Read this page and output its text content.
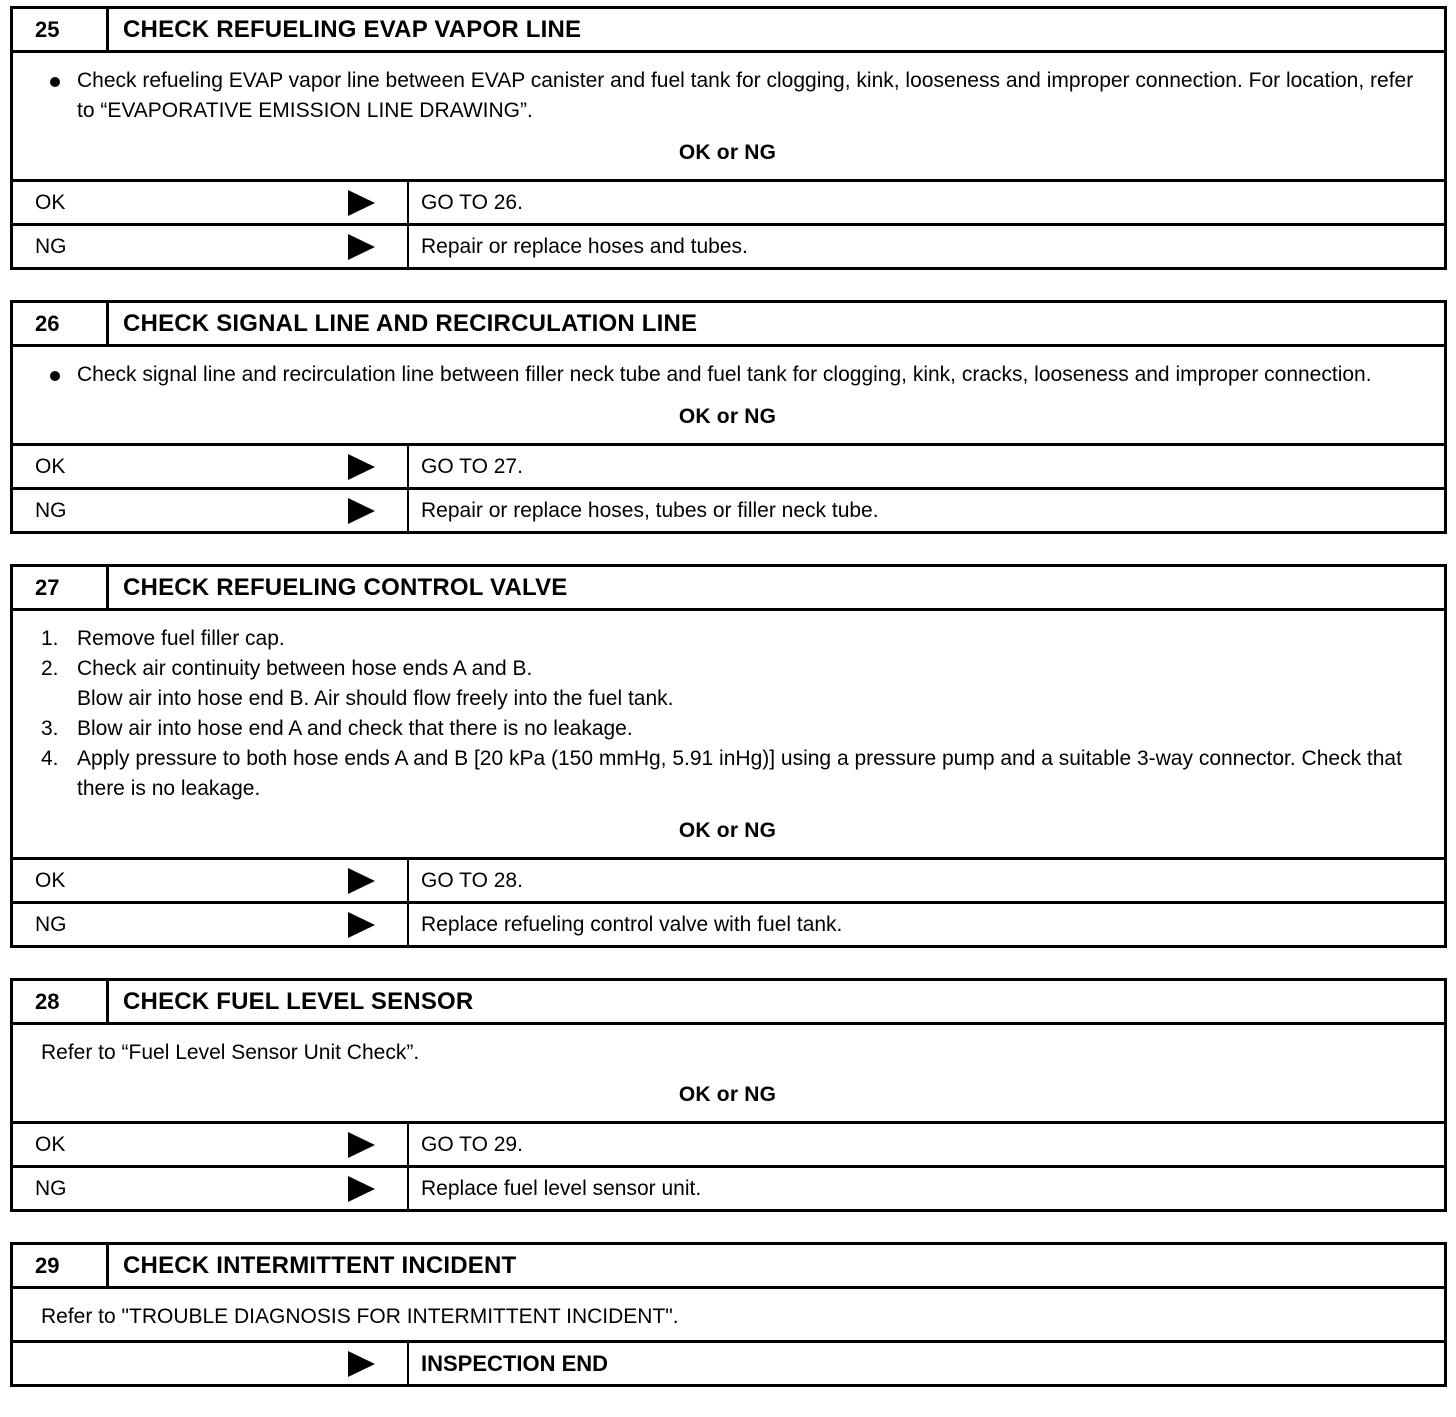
25	CHECK REFUELING EVAP VAPOR LINE
Check refueling EVAP vapor line between EVAP canister and fuel tank for clogging, kink, looseness and improper connection. For location, refer to “EVAPORATIVE EMISSION LINE DRAWING”.
OK or NG
OK	GO TO 26.
NG	Repair or replace hoses and tubes.
26	CHECK SIGNAL LINE AND RECIRCULATION LINE
Check signal line and recirculation line between filler neck tube and fuel tank for clogging, kink, cracks, looseness and improper connection.
OK or NG
OK	GO TO 27.
NG	Repair or replace hoses, tubes or filler neck tube.
27	CHECK REFUELING CONTROL VALVE
1. Remove fuel filler cap.
2. Check air continuity between hose ends A and B.
Blow air into hose end B. Air should flow freely into the fuel tank.
3. Blow air into hose end A and check that there is no leakage.
4. Apply pressure to both hose ends A and B [20 kPa (150 mmHg, 5.91 inHg)] using a pressure pump and a suitable 3-way connector. Check that there is no leakage.
OK or NG
OK	GO TO 28.
NG	Replace refueling control valve with fuel tank.
28	CHECK FUEL LEVEL SENSOR
Refer to “Fuel Level Sensor Unit Check”.
OK or NG
OK	GO TO 29.
NG	Replace fuel level sensor unit.
29	CHECK INTERMITTENT INCIDENT
Refer to "TROUBLE DIAGNOSIS FOR INTERMITTENT INCIDENT".
INSPECTION END
